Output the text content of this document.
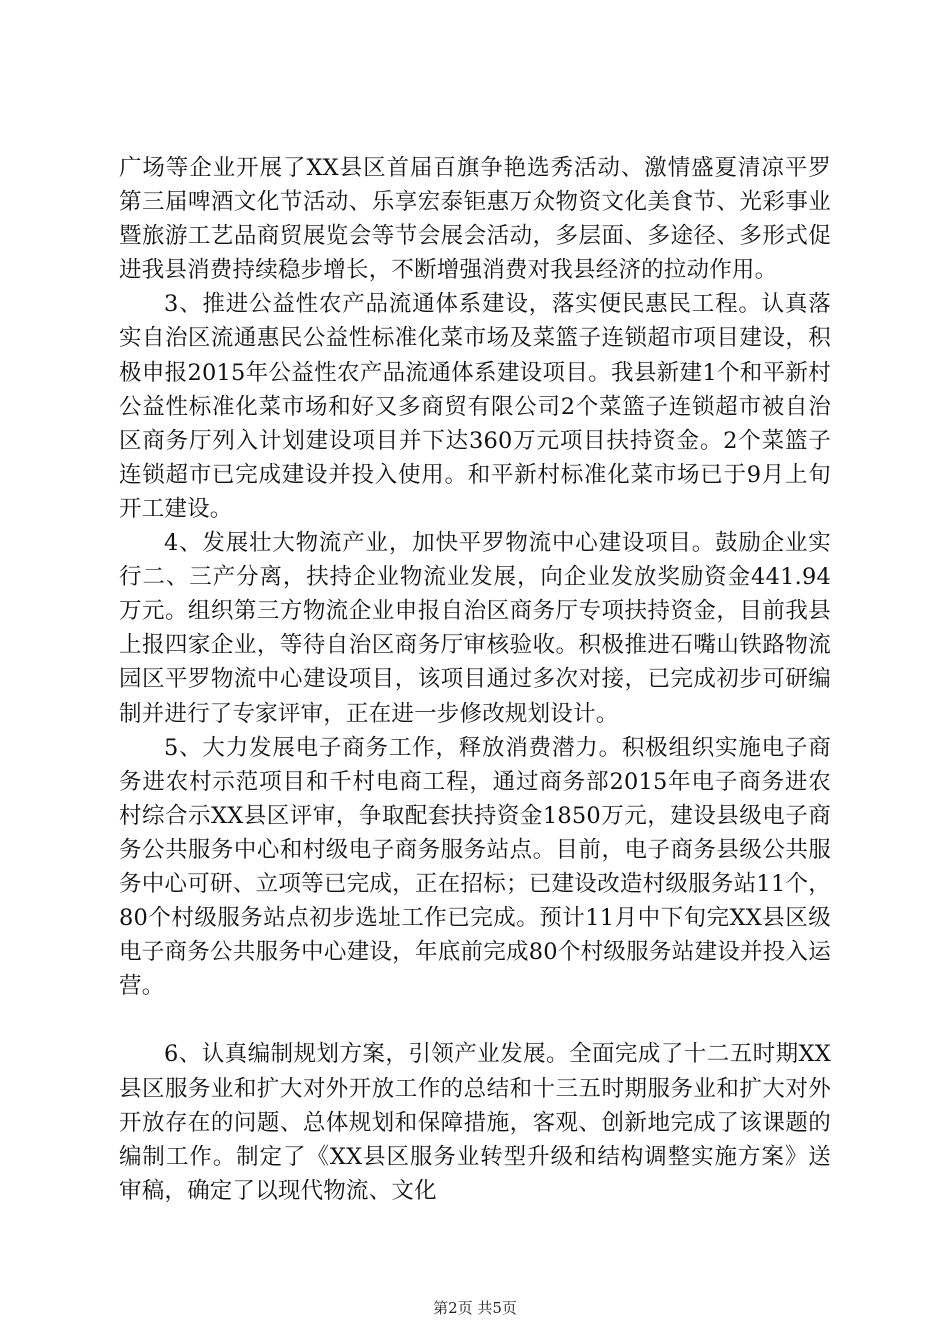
广场等企业开展了XX县区首届百旗争艳选秀活动、激情盛夏清凉平罗第三届啤酒文化节活动、乐享宏泰钜惠万众物资文化美食节、光彩事业暨旅游工艺品商贸展览会等节会展会活动，多层面、多途径、多形式促进我县消费持续稳步增长，不断增强消费对我县经济的拉动作用。

3、推进公益性农产品流通体系建设，落实便民惠民工程。认真落实自治区流通惠民公益性标准化菜市场及菜篮子连锁超市项目建设，积极申报2015年公益性农产品流通体系建设项目。我县新建1个和平新村公益性标准化菜市场和好又多商贸有限公司2个菜篮子连锁超市被自治区商务厅列入计划建设项目并下达360万元项目扶持资金。2个菜篮子连锁超市已完成建设并投入使用。和平新村标准化菜市场已于9月上旬开工建设。

4、发展壮大物流产业，加快平罗物流中心建设项目。鼓励企业实行二、三产分离，扶持企业物流业发展，向企业发放奖励资金441.94万元。组织第三方物流企业申报自治区商务厅专项扶持资金，目前我县上报四家企业，等待自治区商务厅审核验收。积极推进石嘴山铁路物流园区平罗物流中心建设项目，该项目通过多次对接，已完成初步可研编制并进行了专家评审，正在进一步修改规划设计。

5、大力发展电子商务工作，释放消费潜力。积极组织实施电子商务进农村示范项目和千村电商工程，通过商务部2015年电子商务进农村综合示XX县区评审，争取配套扶持资金1850万元，建设县级电子商务公共服务中心和村级电子商务服务站点。目前，电子商务县级公共服务中心可研、立项等已完成，正在招标；已建设改造村级服务站11个，80个村级服务站点初步选址工作已完成。预计11月中下旬完XX县区级电子商务公共服务中心建设，年底前完成80个村级服务站建设并投入运营。

6、认真编制规划方案，引领产业发展。全面完成了十二五时期XX县区服务业和扩大对外开放工作的总结和十三五时期服务业和扩大对外开放存在的问题、总体规划和保障措施，客观、创新地完成了该课题的编制工作。制定了《XX县区服务业转型升级和结构调整实施方案》送审稿，确定了以现代物流、文化

第2页 共5页
